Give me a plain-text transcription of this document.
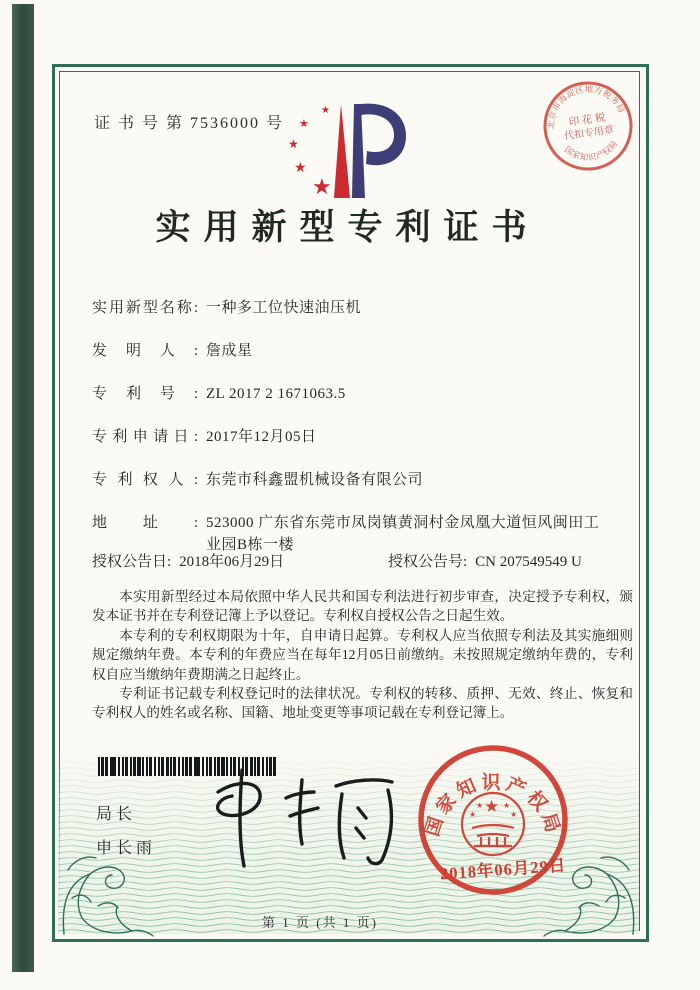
证 书 号 第 7536000 号
★
★
★
★
★
北京市海淀区地方税务局
国家知识产权局
印 花 税
代扣专用章
实用新型专利证书
实用新型名称: 一种多工位快速油压机
发明人: 詹成星
专利号: ZL 2017 2 1671063.5
专利申请日: 2017年12月05日
专利权人: 东莞市科鑫盟机械设备有限公司
地址: 523000 广东省东莞市凤岗镇黄洞村金凤凰大道恒风闽田工业园B栋一楼
授权公告日: 2018年06月29日	授权公告号: CN 207549549 U

本实用新型经过本局依照中华人民共和国专利法进行初步审查，决定授予专利权，颁发本证书并在专利登记簿上予以登记。专利权自授权公告之日起生效。

本专利的专利权期限为十年，自申请日起算。专利权人应当依照专利法及其实施细则规定缴纳年费。本专利的年费应当在每年12月05日前缴纳。未按照规定缴纳年费的，专利权自应当缴纳年费期满之日起终止。

专利证书记载专利权登记时的法律状况。专利权的转移、质押、无效、终止、恢复和专利权人的姓名或名称、国籍、地址变更等事项记载在专利登记簿上。

局长
申长雨
国家知识产权局
★
★
★ ★
★
2018年06月29日
第 1 页 (共 1 页)
